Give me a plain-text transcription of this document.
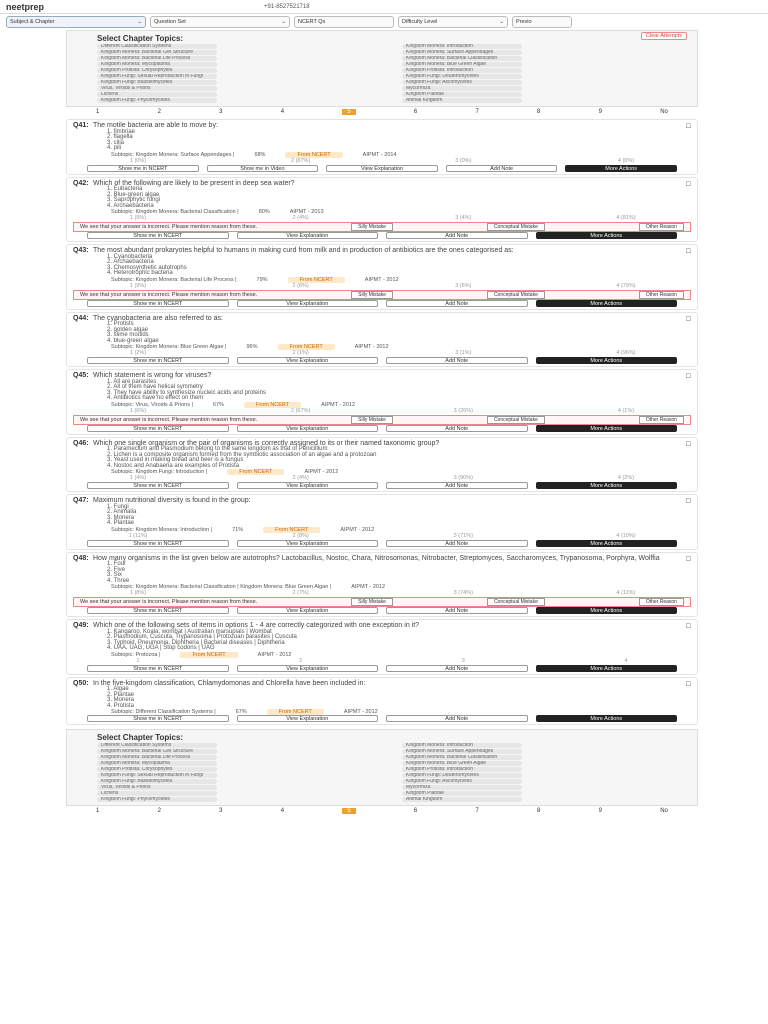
neetprep	+91-8527521718
Subject & Chapter	⌄ Question Set	⌄ NCERT Qs	Difficulty Level	⌄ Previo
Select Chapter Topics:	Clear Attempts
Different Classification Systems	Kingdom Monera: Introduction
Kingdom Monera: Bacterial Cell Structure	Kingdom Monera: Surface Appendages
Kingdom Monera: Bacterial Life Process	Kingdom Monera: Bacterial Classification
Kingdom Monera: Mycoplasma	Kingdom Monera: Blue Green Algae
Kingdom Protista: Chrysophytes	Kingdom Protista: Introduction
Kingdom Fungi: Sexual Reproduction in Fungi	Kingdom Fungi: Deuteromycetes
Kingdom Fungi: Basidiomycetes	Kingdom Fungi: Ascomycetes
Virus, Viroids & Prions	Mycorrhiza
Lichens	Kingdom Plantae
Kingdom Fungi: Phycomycetes	Animal Kingdom
1	2	3	4	5	6	7	8	9	No
Q41: The motile bacteria are able to move by:	☐
1. fimbriae
2. flagella
3. cilia
4. pili
Subtopic: Kingdom Monera: Surface Appendages |	68%	From NCERT	AIPMT - 2014
1 (0%)	2 (87%)	3 (0%)	4 (0%)
Show me in NCERT	Show me in Video	View Explanation	Add Note	More Actions
Q42: Which of the following are likely to be present in deep sea water?	☐
1. Eubacteria
2. Blue-green algae
3. Saprophytic fungi
4. Archaebacteria
Subtopic: Kingdom Monera: Bacterial Classification |	80%	AIPMT - 2013
1 (9%)	2 (4%)	3 (4%)	4 (81%)
We see that your answer is incorrect. Please mention reason from these.	Silly Mistake	Conceptual Mistake	Other Reason
Show me in NCERT	View Explanation	Add Note	More Actions
Q43: The most abundant prokaryotes helpful to humans in making curd from milk and in production of antibiotics are the ones categorised as:	☐
1. Cyanobacteria
2. Archaebacteria
3. Chemosynthetic autotrophs
4. Heterotrophic bacteria
Subtopic: Kingdom Monera: Bacterial Life Process |	79%	From NCERT	AIPMT - 2012
1 (9%)	2 (6%)	3 (6%)	4 (79%)
We see that your answer is incorrect. Please mention reason from these.	Silly Mistake	Conceptual Mistake	Other Reason
Show me in NCERT	View Explanation	Add Note	More Actions
Q44: The cyanobacteria are also referred to as:	☐
1. Protists
2. golden algae
3. slime moulds
4. blue-green algae
Subtopic: Kingdom Monera: Blue Green Algae |	96%	From NCERT	AIPMT - 2012
1 (2%)	2 (1%)	3 (1%)	4 (96%)
Show me in NCERT	View Explanation	Add Note	More Actions
Q45: Which statement is wrong for viruses?	☐
1. All are parasites
2. All of them have helical symmetry
3. They have ability to synthesize nucleic acids and proteins
4. Antibiotics have no effect on them
Subtopic: Virus, Viroids & Prions |	67%	From NCERT	AIPMT - 2012
1 (6%)	2 (67%)	3 (26%)	4 (1%)
We see that your answer is incorrect. Please mention reason from these.	Silly Mistake	Conceptual Mistake	Other Reason
Show me in NCERT	View Explanation	Add Note	More Actions
Q46: Which one single organism or the pair of organisms is correctly assigned to its or their named taxonomic group?	☐
1. Paramecium and Plasmodium belong to the same kingdom as that of Penicillium
2. Lichen is a composite organism formed from the symbiotic association of an algae and a protozoan
3. Yeast used in making bread and beer is a fungus
4. Nostoc and Anabaena are examples of Protista
Subtopic: Kingdom Fungi: Introduction |	From NCERT	AIPMT - 2012
1 (4%)	2 (4%)	3 (90%)	4 (2%)
Show me in NCERT	View Explanation	Add Note	More Actions
Q47: Maximum nutritional diversity is found in the group:	☐
1. Fungi
2. Animalia
3. Monera
4. Plantae
Subtopic: Kingdom Monera: Introduction |	71%	From NCERT	AIPMT - 2012
1 (11%)	2 (8%)	3 (71%)	4 (10%)
Show me in NCERT	View Explanation	Add Note	More Actions
Q48: How many organisms in the list given below are autotrophs? Lactobacillus, Nostoc, Chara, Nitrosomonas, Nitrobacter, Streptomyces, Saccharomyces, Trypanosoma, Porphyra, Wolffia	☐
1. Four
2. Five
3. Six
4. Three
Subtopic: Kingdom Monera: Bacterial Classification | Kingdom Monera: Blue Green Algae |	AIPMT - 2012
1 (8%)	2 (7%)	3 (74%)	4 (11%)
We see that your answer is incorrect. Please mention reason from these.	Silly Mistake	Conceptual Mistake	Other Reason
Show me in NCERT	View Explanation	Add Note	More Actions
Q49: Which one of the following sets of items in options 1 - 4 are correctly categorized with one exception in it?	☐
1. Kangaroo, Koala, wombat | Australian marsupials | Wombat
2. Plasmodium, Cuscuta, Trypanosoma | Protozoan parasites | Cuscuta
3. Typhoid, Pneumonia, Diphtheria | Bacterial diseases | Diphtheria
4. UAA, UAG, UGA | Stop codons | UAG
Subtopic: Protozoa |	From NCERT	AIPMT - 2012
1	2	3	4
Show me in NCERT	View Explanation	Add Note	More Actions
Q50: In the five-kingdom classification, Chlamydomonas and Chlorella have been included in:	☐
1. Algae
2. Plantae
3. Monera
4. Protista
Subtopic: Different Classification Systems |	67%	From NCERT	AIPMT - 2012
Show me in NCERT	View Explanation	Add Note	More Actions
Select Chapter Topics:
Different Classification Systems	Kingdom Monera: Introduction
Kingdom Monera: Bacterial Cell Structure	Kingdom Monera: Surface Appendages
Kingdom Monera: Bacterial Life Process	Kingdom Monera: Bacterial Classification
Kingdom Monera: Mycoplasma	Kingdom Monera: Blue Green Algae
Kingdom Protista: Chrysophytes	Kingdom Protista: Introduction
Kingdom Fungi: Sexual Reproduction in Fungi	Kingdom Fungi: Deuteromycetes
Kingdom Fungi: Basidiomycetes	Kingdom Fungi: Ascomycetes
Virus, Viroids & Prions	Mycorrhiza
Lichens	Kingdom Plantae
Kingdom Fungi: Phycomycetes	Animal Kingdom
1	2	3	4	5	6	7	8	9	No
